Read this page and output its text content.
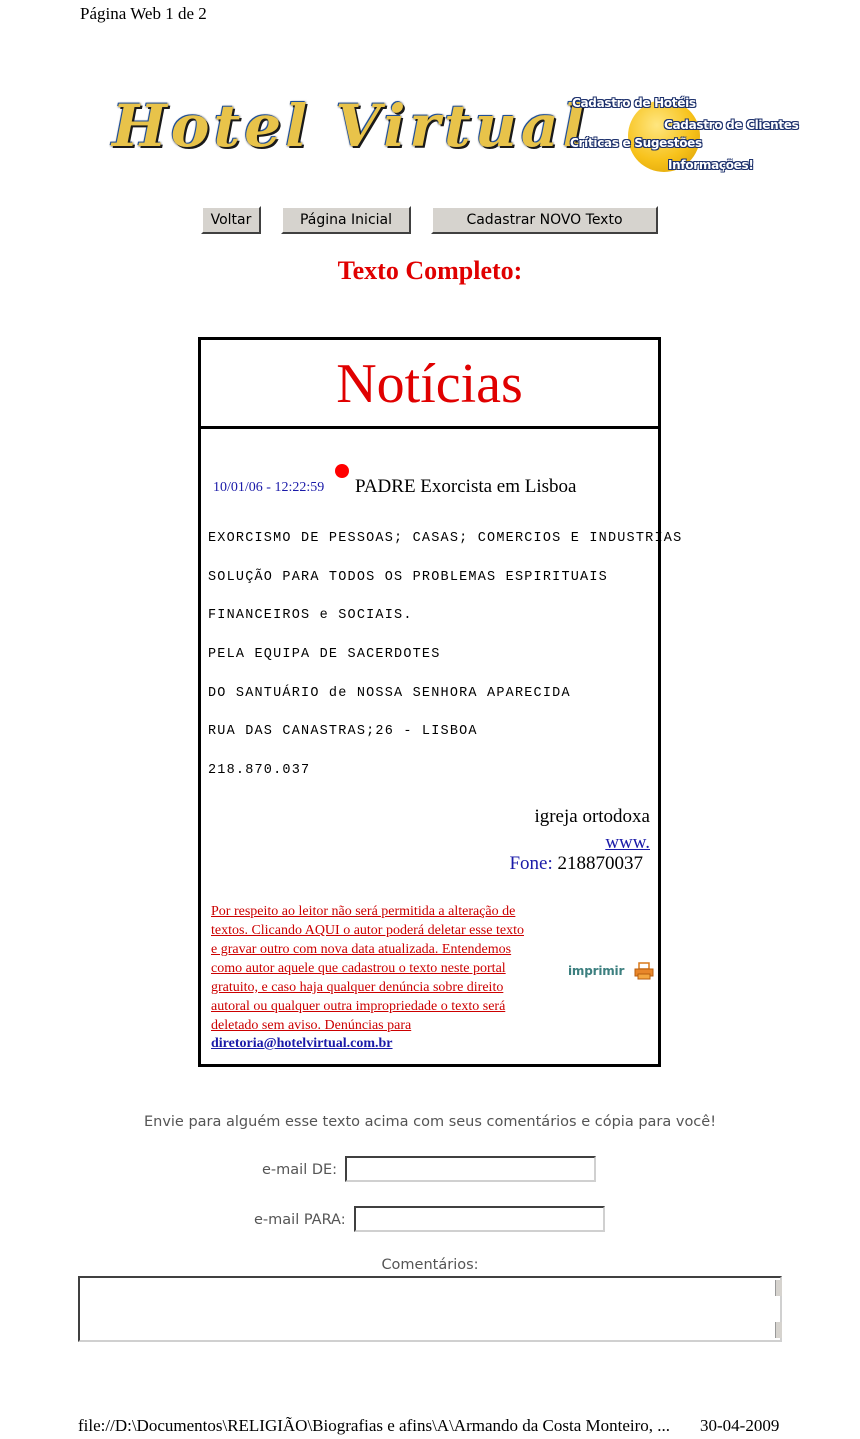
Página Web 1 de 2
Hotel Virtual
Cadastro de Hotéis
Cadastro de Clientes
Críticas e Sugestões
Informações!
Voltar	Página Inicial	Cadastrar NOVO Texto
Texto Completo:
Notícias
10/01/06 - 12:22:59 PADRE Exorcista em Lisboa
EXORCISMO DE PESSOAS; CASAS; COMERCIOS E INDUSTRIAS
SOLUÇÃO PARA TODOS OS PROBLEMAS ESPIRITUAIS
FINANCEIROS e SOCIAIS.
PELA EQUIPA DE SACERDOTES
DO SANTUÁRIO de NOSSA SENHORA APARECIDA
RUA DAS CANASTRAS;26 - LISBOA
218.870.037
igreja ortodoxa
www.
Fone: 218870037
Por respeito ao leitor não será permitida a alteração de textos. Clicando AQUI o autor poderá deletar esse texto e gravar outro com nova data atualizada. Entendemos como autor aquele que cadastrou o texto neste portal gratuito, e caso haja qualquer denúncia sobre direito autoral ou qualquer outra impropriedade o texto será deletado sem aviso. Denúncias para
diretoria@hotelvirtual.com.br
imprimir
Envie para alguém esse texto acima com seus comentários e cópia para você!
e-mail DE:
e-mail PARA:
Comentários:
file://D:\Documentos\RELIGIÃO\Biografias e afins\A\Armando da Costa Monteiro, ... 30-04-2009
